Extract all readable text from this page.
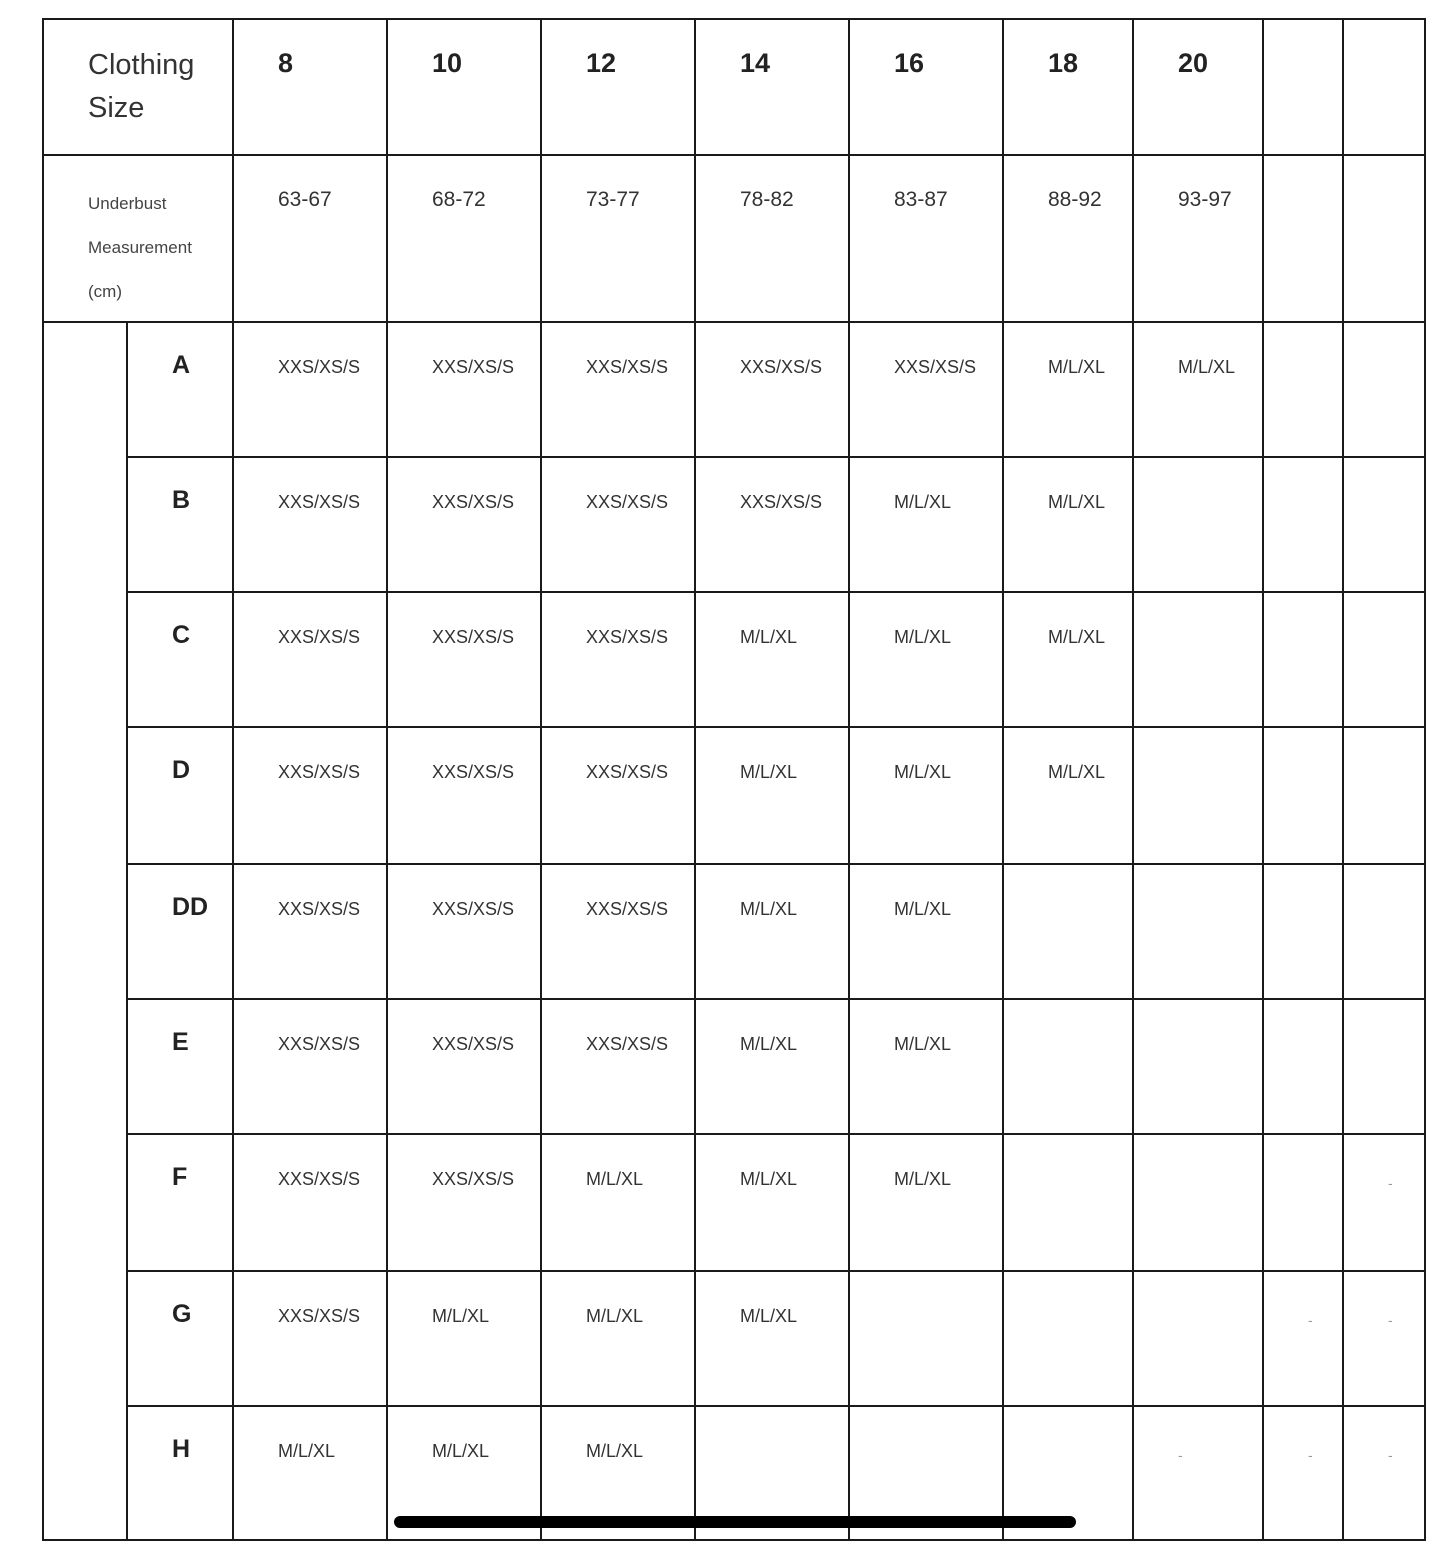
Clothing
Size		8	10	12	14	16	18	20		
Underbust
Measurement
(cm)		63-67	68-72	73-77	78-82	83-87	88-92	93-97		
	A	XXS/XS/S	XXS/XS/S	XXS/XS/S	XXS/XS/S	XXS/XS/S	M/L/XL	M/L/XL		
	B	XXS/XS/S	XXS/XS/S	XXS/XS/S	XXS/XS/S	M/L/XL	M/L/XL			
	C	XXS/XS/S	XXS/XS/S	XXS/XS/S	M/L/XL	M/L/XL	M/L/XL			
	D	XXS/XS/S	XXS/XS/S	XXS/XS/S	M/L/XL	M/L/XL	M/L/XL			
	DD	XXS/XS/S	XXS/XS/S	XXS/XS/S	M/L/XL	M/L/XL				
	E	XXS/XS/S	XXS/XS/S	XXS/XS/S	M/L/XL	M/L/XL				
	F	XXS/XS/S	XXS/XS/S	M/L/XL	M/L/XL	M/L/XL				-
	G	XXS/XS/S	M/L/XL	M/L/XL	M/L/XL				-	-
	H	M/L/XL	M/L/XL	M/L/XL				-	-	-
